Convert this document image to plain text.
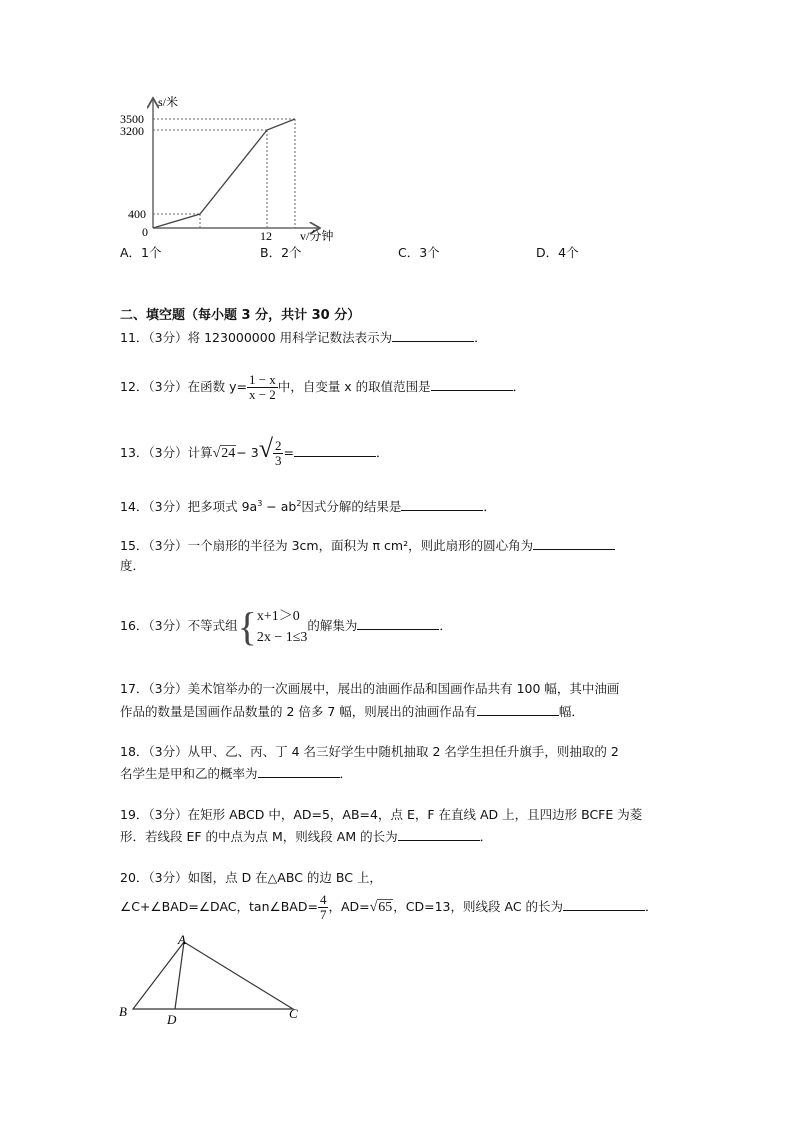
s/米
3500
3200
400
0	12 v/分钟
A．1个	B．2个	C．3个	D．4个
二、填空题（每小题 3 分，共计 30 分）
11．（3分）将 123000000 用科学记数法表示为	．
12．（3分）在函数 $y= \frac{1 - x}{x - 2}$ 中，自变量 x 的取值范围是	．
13．（3分）计算$√24- 3√ \frac{2}{3}$ =	．
14．（3分）把多项式 $9a^3 - ab^2$因式分解的结果是	．
15．（3分）一个扇形的半径为 3cm，面积为 π cm²，则此扇形的圆心角为
度．
16．（3分）不等式组 { x+1＞0
2x − 1≤3
的解集为	．
17．（3分）美术馆举办的一次画展中，展出的油画作品和国画作品共有 100 幅，其中油画
作品的数量是国画作品数量的 2 倍多 7 幅，则展出的油画作品有	幅．
18．（3分）从甲、乙、丙、丁 4 名三好学生中随机抽取 2 名学生担任升旗手，则抽取的 2
名学生是甲和乙的概率为	．
19．（3分）在矩形 ABCD 中，AD=5，AB=4，点 E，F 在直线 AD 上，且四边形 BCFE 为菱
形．若线段 EF 的中点为点 M，则线段 AM 的长为	．
20．（3分）如图，点 D 在△ABC 的边 BC 上，
∠C+∠BAD=∠DAC，tan∠BAD= $\frac{4}{7}$ ，AD=√65，CD=13，则线段 AC 的长为	．
A
B
D	C
